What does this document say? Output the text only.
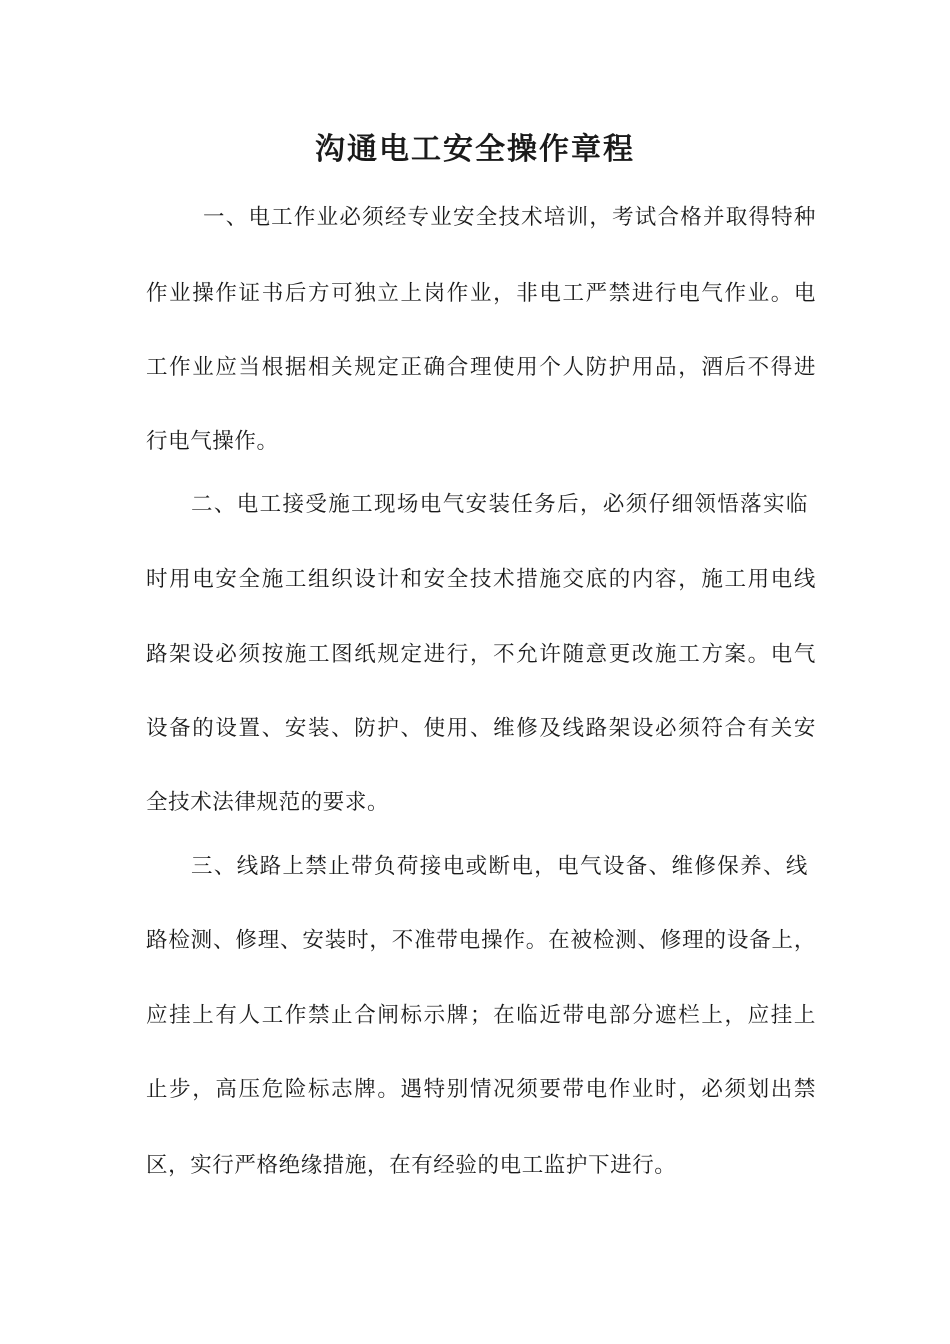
沟通电工安全操作章程

一、电工作业必须经专业安全技术培训，考试合格并取得特种

作业操作证书后方可独立上岗作业，非电工严禁进行电气作业。电

工作业应当根据相关规定正确合理使用个人防护用品，酒后不得进

行电气操作。

二、电工接受施工现场电气安装任务后，必须仔细领悟落实临

时用电安全施工组织设计和安全技术措施交底的内容，施工用电线

路架设必须按施工图纸规定进行，不允许随意更改施工方案。电气

设备的设置、安装、防护、使用、维修及线路架设必须符合有关安

全技术法律规范的要求。

三、线路上禁止带负荷接电或断电，电气设备、维修保养、线

路检测、修理、安装时，不准带电操作。在被检测、修理的设备上，

应挂上有人工作禁止合闸标示牌；在临近带电部分遮栏上，应挂上

止步，高压危险标志牌。遇特别情况须要带电作业时，必须划出禁

区，实行严格绝缘措施，在有经验的电工监护下进行。
